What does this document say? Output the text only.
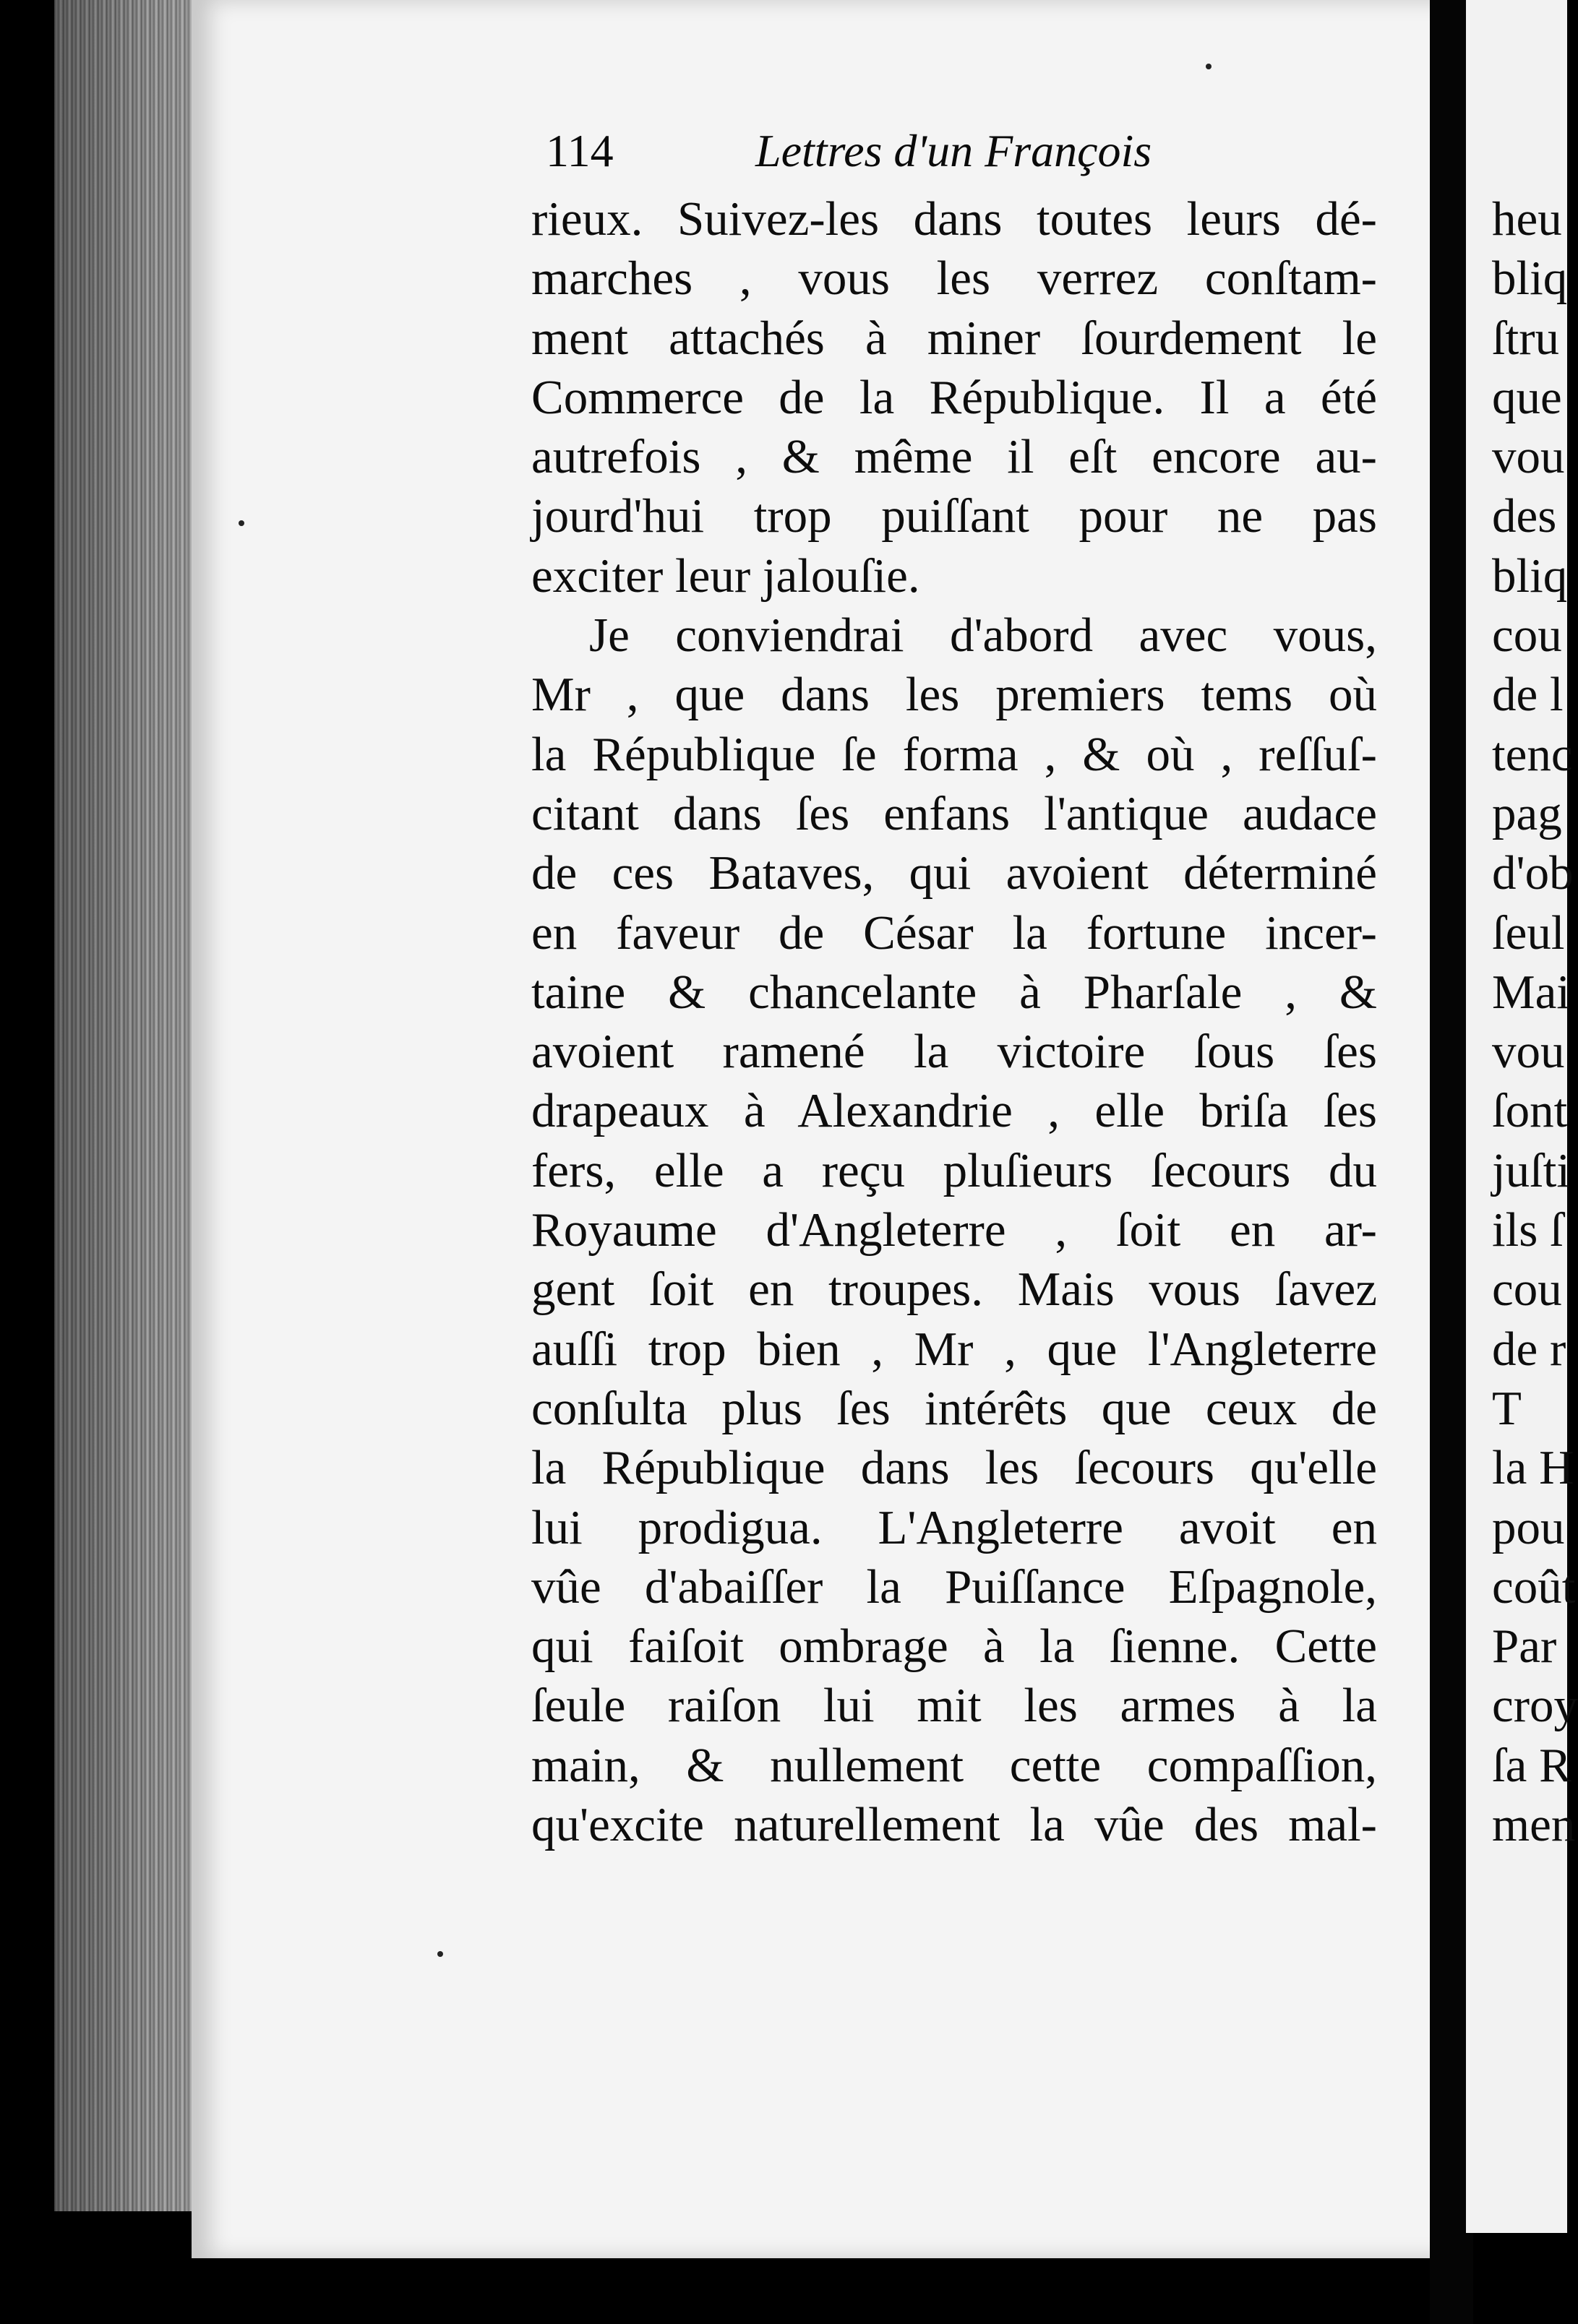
114	Lettres d'un François
rieux. Suivez-les dans toutes leurs dé-
marches , vous les verrez conſtam-
ment attachés à miner ſourdement le
Commerce de la République. Il a été
autrefois , & même il eſt encore au-
jourd'hui trop puiſſant pour ne pas
exciter leur jalouſie.
Je conviendrai d'abord avec vous,
Mr , que dans les premiers tems où
la République ſe forma , & où , reſſuſ-
citant dans ſes enfans l'antique audace
de ces Bataves, qui avoient déterminé
en faveur de César la fortune incer-
taine & chancelante à Pharſale , &
avoient ramené la victoire ſous ſes
drapeaux à Alexandrie , elle briſa ſes
fers, elle a reçu pluſieurs ſecours du
Royaume d'Angleterre , ſoit en ar-
gent ſoit en troupes. Mais vous ſavez
auſſi trop bien , Mr , que l'Angleterre
conſulta plus ſes intérêts que ceux de
la République dans les ſecours qu'elle
lui prodigua. L'Angleterre avoit en
vûe d'abaiſſer la Puiſſance Eſpagnole,
qui faiſoit ombrage à la ſienne. Cette
ſeule raiſon lui mit les armes à la
main, & nullement cette compaſſion,
qu'excite naturellement la vûe des mal-
heu
bliq
ſtru
que
vou
des
bliq
cou
de l
tenc
pag
d'ob
ſeul
Mai
vou
ſont
juſti
ils ſ
cou
de r
T
la H
pou
coût
Par
croy
ſa R
men
